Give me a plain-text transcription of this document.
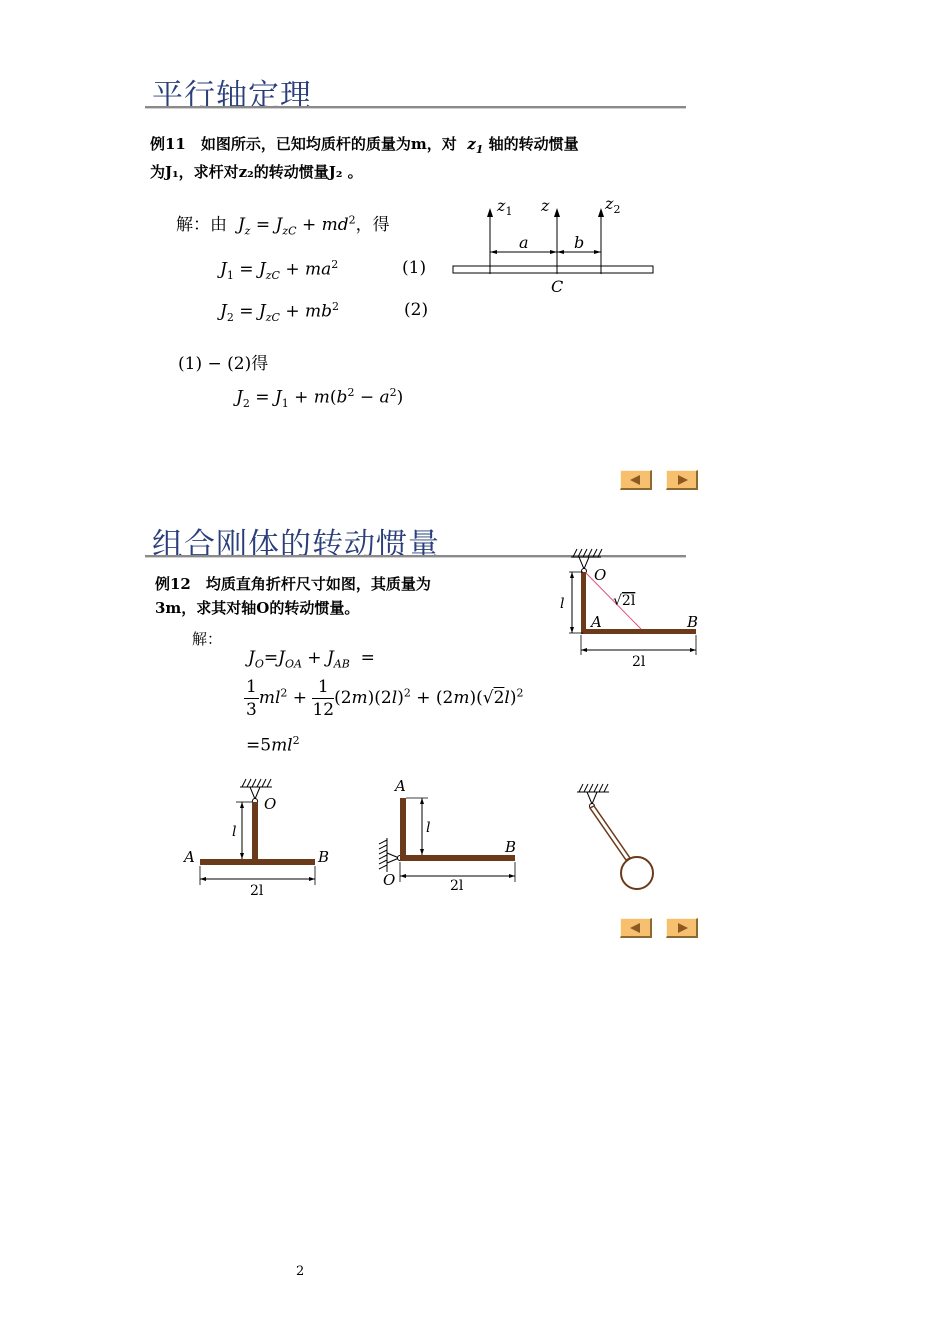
平行轴定理
例11　如图所示，已知均质杆的质量为m，对  $z_1$ 轴的转动惯量
为J₁，求杆对z₂的转动惯量J₂ 。
解：由 $J_z = J_{zC} + md^2$，得
$J_1 = J_{zC} + ma^2$	(1)
$J_2 = J_{zC} + mb^2$	(2)
(1) − (2)得
$J_2 = J_1 + m(b^2 - a^2)$
$z_1$ z	$z_2$
a	b
C
组合刚体的转动惯量
例12　均质直角折杆尺寸如图，其质量为
3m，求其对轴O的转动惯量。
解：
$J_O=J_{OA} + J_{AB}$  =
$\frac{1}{3} ml^2 + \frac{1}{12} (2m)(2l)^2 + (2m)(√2l)^2$
$=5ml^2$
O
l
A	B
√2l
2l
O
l
A	B
2l
A
l
B
O	2l
2
